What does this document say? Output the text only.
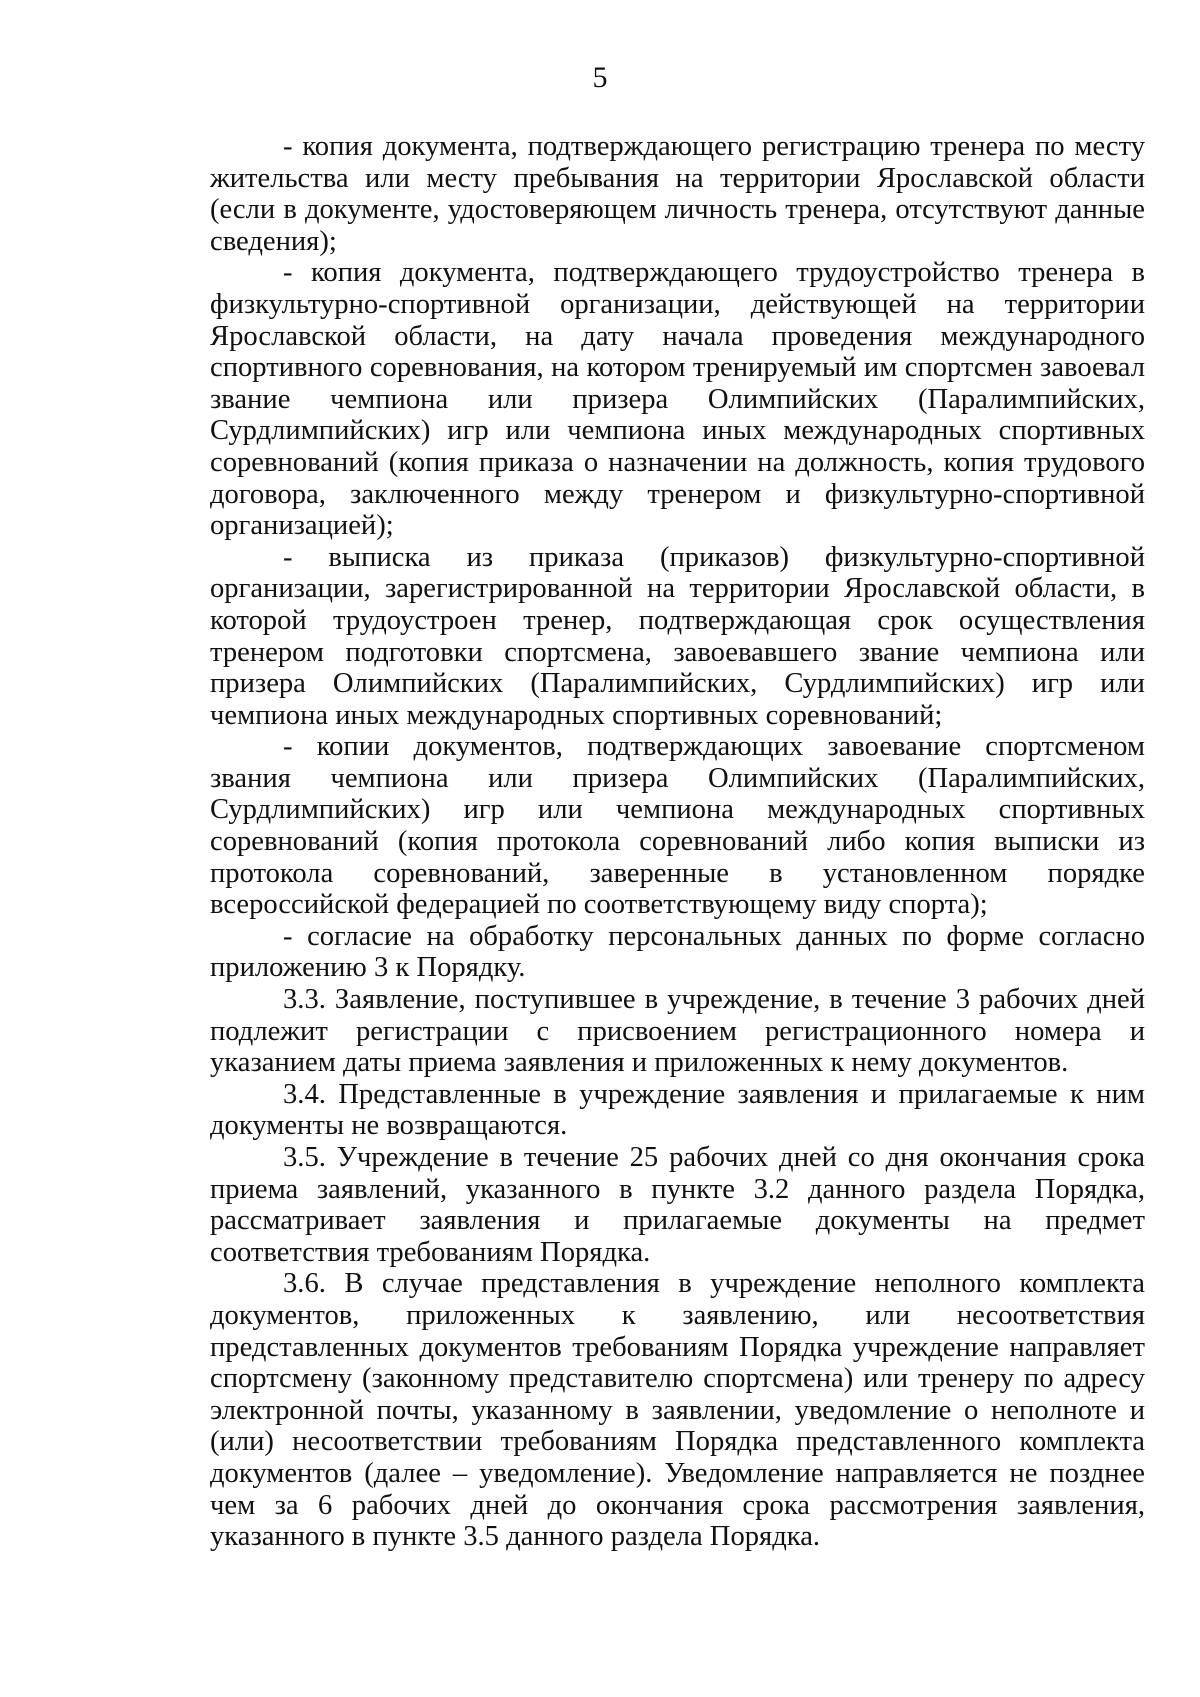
5

- копия документа, подтверждающего регистрацию тренера по месту жительства или месту пребывания на территории Ярославской области (если в документе, удостоверяющем личность тренера, отсутствуют данные сведения);

- копия документа, подтверждающего трудоустройство тренера в физкультурно-спортивной организации, действующей на территории Ярославской области, на дату начала проведения международного спортивного соревнования, на котором тренируемый им спортсмен завоевал звание чемпиона или призера Олимпийских (Паралимпийских, Сурдлимпийских) игр или чемпиона иных международных спортивных соревнований (копия приказа о назначении на должность, копия трудового договора, заключенного между тренером и физкультурно-спортивной организацией);

- выписка из приказа (приказов) физкультурно-спортивной организации, зарегистрированной на территории Ярославской области, в которой трудоустроен тренер, подтверждающая срок осуществления тренером подготовки спортсмена, завоевавшего звание чемпиона или призера Олимпийских (Паралимпийских, Сурдлимпийских) игр или чемпиона иных международных спортивных соревнований;

- копии документов, подтверждающих завоевание спортсменом звания чемпиона или призера Олимпийских (Паралимпийских, Сурдлимпийских) игр или чемпиона международных спортивных соревнований (копия протокола соревнований либо копия выписки из протокола соревнований, заверенные в установленном порядке всероссийской федерацией по соответствующему виду спорта);

- согласие на обработку персональных данных по форме согласно приложению 3 к Порядку.

3.3. Заявление, поступившее в учреждение, в течение 3 рабочих дней подлежит регистрации с присвоением регистрационного номера и указанием даты приема заявления и приложенных к нему документов.

3.4. Представленные в учреждение заявления и прилагаемые к ним документы не возвращаются.

3.5. Учреждение в течение 25 рабочих дней со дня окончания срока приема заявлений, указанного в пункте 3.2 данного раздела Порядка, рассматривает заявления и прилагаемые документы на предмет соответствия требованиям Порядка.

3.6. В случае представления в учреждение неполного комплекта документов, приложенных к заявлению, или несоответствия представленных документов требованиям Порядка учреждение направляет спортсмену (законному представителю спортсмена) или тренеру по адресу электронной почты, указанному в заявлении, уведомление о неполноте и (или) несоответствии требованиям Порядка представленного комплекта документов (далее – уведомление). Уведомление направляется не позднее чем за 6 рабочих дней до окончания срока рассмотрения заявления, указанного в пункте 3.5 данного раздела Порядка.
